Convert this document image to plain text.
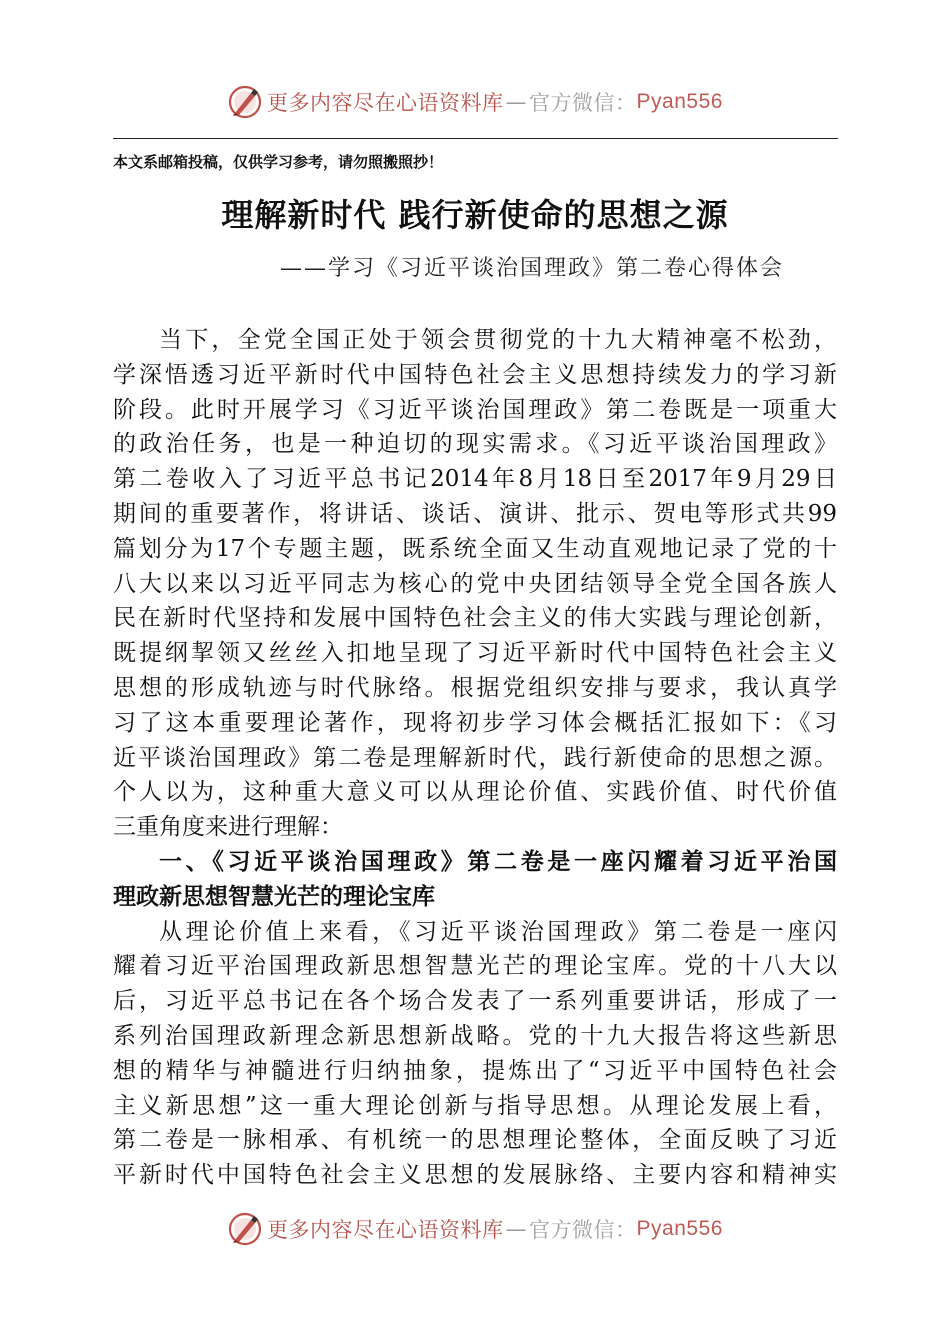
更多内容尽在心语资料库 — 官方微信： Pyan556
本文系邮箱投稿，仅供学习参考，请勿照搬照抄！
理解新时代 践行新使命的思想之源
——学习《习近平谈治国理政》第二卷心得体会
当下，全党全国正处于领会贯彻党的十九大精神毫不松劲，
学深悟透习近平新时代中国特色社会主义思想持续发力的学习新
阶段。此时开展学习《习近平谈治国理政》第二卷既是一项重大
的政治任务，也是一种迫切的现实需求。《习近平谈治国理政》
第二卷收入了习近平总书记2014年8月18日至2017年9月29日
期间的重要著作，将讲话、谈话、演讲、批示、贺电等形式共99
篇划分为17个专题主题，既系统全面又生动直观地记录了党的十
八大以来以习近平同志为核心的党中央团结领导全党全国各族人
民在新时代坚持和发展中国特色社会主义的伟大实践与理论创新，
既提纲挈领又丝丝入扣地呈现了习近平新时代中国特色社会主义
思想的形成轨迹与时代脉络。根据党组织安排与要求，我认真学
习了这本重要理论著作，现将初步学习体会概括汇报如下：《习
近平谈治国理政》第二卷是理解新时代，践行新使命的思想之源。
个人以为，这种重大意义可以从理论价值、实践价值、时代价值
三重角度来进行理解：
一、《习近平谈治国理政》第二卷是一座闪耀着习近平治国
理政新思想智慧光芒的理论宝库
从理论价值上来看，《习近平谈治国理政》第二卷是一座闪
耀着习近平治国理政新思想智慧光芒的理论宝库。党的十八大以
后，习近平总书记在各个场合发表了一系列重要讲话，形成了一
系列治国理政新理念新思想新战略。党的十九大报告将这些新思
想的精华与神髓进行归纳抽象，提炼出了“习近平中国特色社会
主义新思想”这一重大理论创新与指导思想。从理论发展上看，
第二卷是一脉相承、有机统一的思想理论整体，全面反映了习近
平新时代中国特色社会主义思想的发展脉络、主要内容和精神实
更多内容尽在心语资料库 — 官方微信： Pyan556
